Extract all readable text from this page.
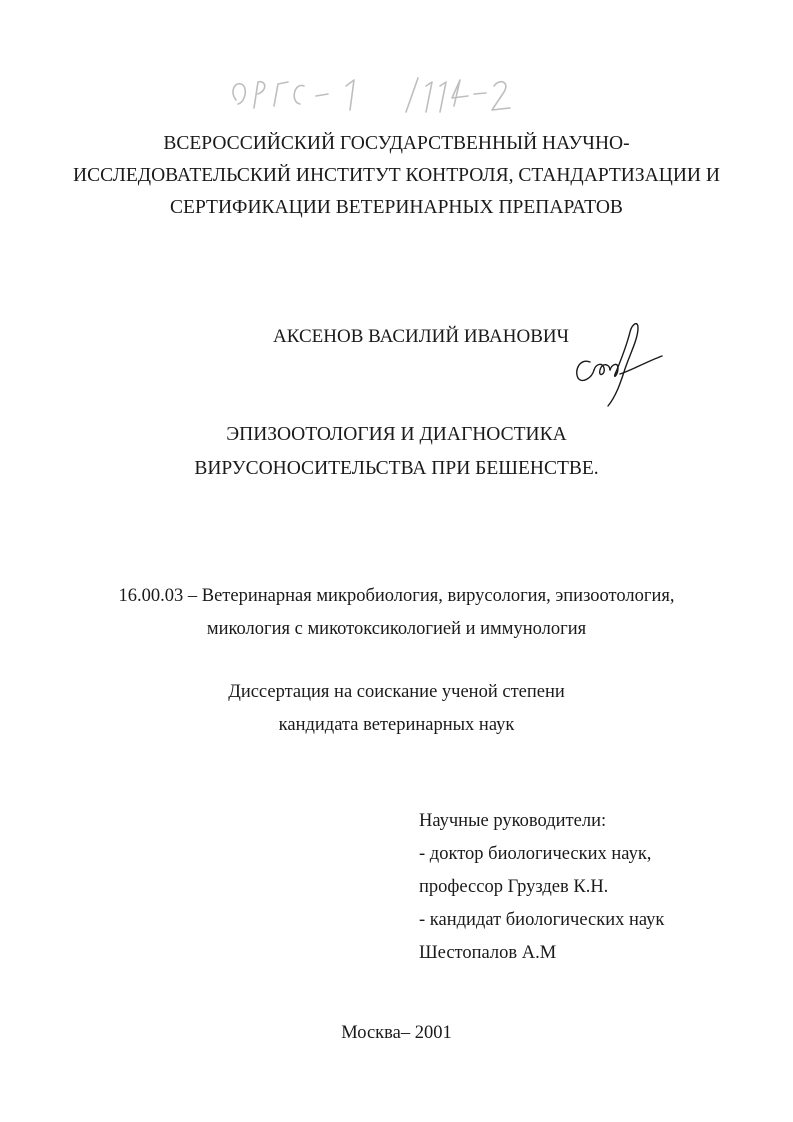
ВСЕРОССИЙСКИЙ ГОСУДАРСТВЕННЫЙ НАУЧНО-
ИССЛЕДОВАТЕЛЬСКИЙ ИНСТИТУТ КОНТРОЛЯ, СТАНДАРТИЗАЦИИ И
СЕРТИФИКАЦИИ ВЕТЕРИНАРНЫХ ПРЕПАРАТОВ
АКСЕНОВ ВАСИЛИЙ ИВАНОВИЧ
ЭПИЗООТОЛОГИЯ И ДИАГНОСТИКА
ВИРУСОНОСИТЕЛЬСТВА ПРИ БЕШЕНСТВЕ.
16.00.03 – Ветеринарная микробиология, вирусология, эпизоотология,
микология с микотоксикологией и иммунология
Диссертация на соискание ученой степени
кандидата ветеринарных наук
Научные руководители:
- доктор биологических наук,
профессор Груздев К.Н.
- кандидат биологических наук
Шестопалов А.М
Москва– 2001
